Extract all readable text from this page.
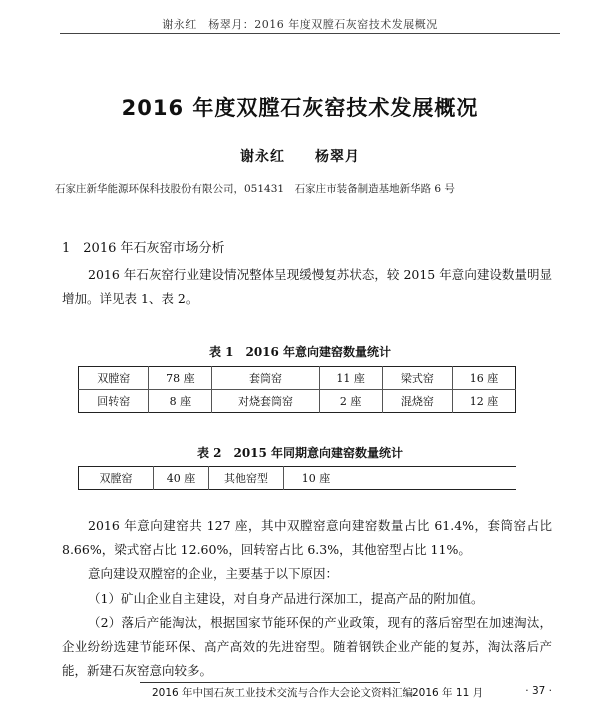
谢永红　杨翠月：2016 年度双膛石灰窑技术发展概况
2016 年度双膛石灰窑技术发展概况
谢永红　　杨翠月
石家庄新华能源环保科技股份有限公司，051431　石家庄市装备制造基地新华路 6 号
1　2016 年石灰窑市场分析
2016 年石灰窑行业建设情况整体呈现缓慢复苏状态，较 2015 年意向建设数量明显增加。详见表 1、表 2。
表 1　2016 年意向建窑数量统计
双膛窑	78 座	套筒窑	11 座	梁式窑	16 座
回转窑	8 座	对烧套筒窑	2 座	混烧窑	12 座
表 2　2015 年同期意向建窑数量统计
双膛窑	40 座	其他窑型	10 座	
2016 年意向建窑共 127 座，其中双膛窑意向建窑数量占比 61.4%，套筒窑占比 8.66%，梁式窑占比 12.60%，回转窑占比 6.3%，其他窑型占比 11%。
意向建设双膛窑的企业，主要基于以下原因：
（1）矿山企业自主建设，对自身产品进行深加工，提高产品的附加值。
（2）落后产能淘汰，根据国家节能环保的产业政策，现有的落后窑型在加速淘汰，企业纷纷选建节能环保、高产高效的先进窑型。随着钢铁企业产能的复苏，淘汰落后产能，新建石灰窑意向较多。
2016 年中国石灰工业技术交流与合作大会论文资料汇编
2016 年 11 月	· 37 ·
